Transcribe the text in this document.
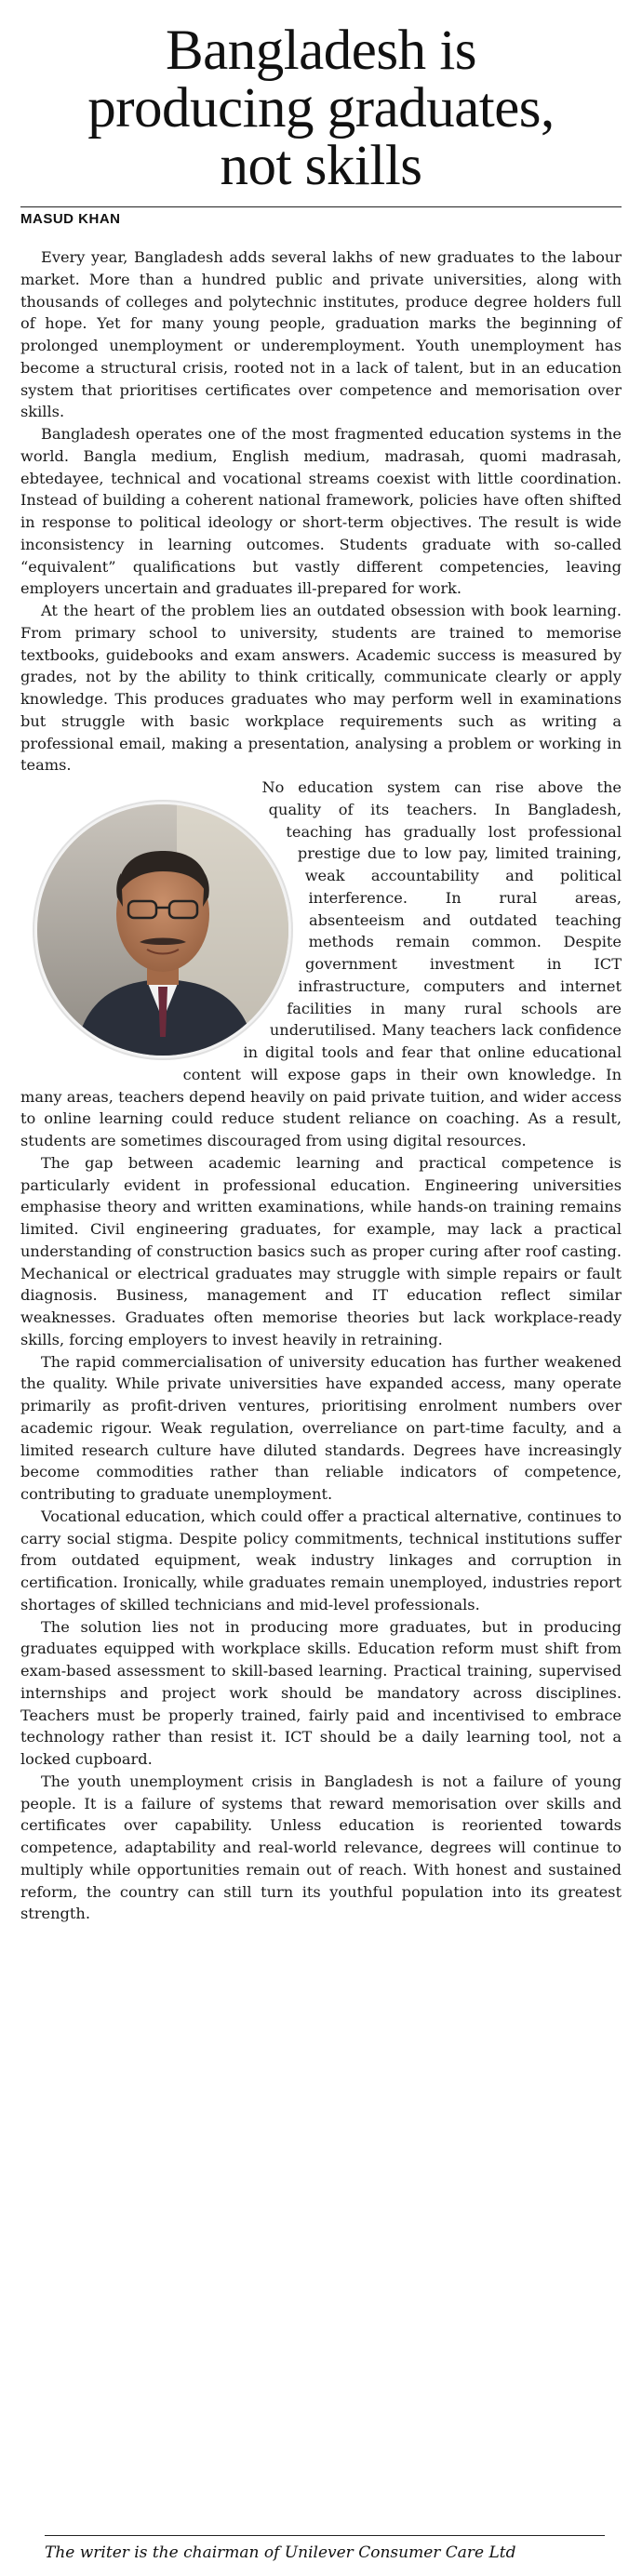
Bangladesh is
producing graduates,
not skills
MASUD KHAN

Every year, Bangladesh adds several lakhs of new graduates to the labour market. More than a hundred public and private universities, along with thousands of colleges and polytechnic institutes, produce degree holders full of hope. Yet for many young people, graduation marks the beginning of prolonged unemployment or underemployment. Youth unemployment has become a structural crisis, rooted not in a lack of talent, but in an education system that prioritises certificates over competence and memorisation over skills.

Bangladesh operates one of the most fragmented education systems in the world. Bangla medium, English medium, madrasah, quomi madrasah, ebtedayee, technical and vocational streams coexist with little coordination. Instead of building a coherent national framework, policies have often shifted in response to political ideology or short-term objectives. The result is wide inconsistency in learning outcomes. Students graduate with so-called “equivalent” qualifications but vastly different competencies, leaving employers uncertain and graduates ill-prepared for work.

At the heart of the problem lies an outdated obsession with book learning. From primary school to university, students are trained to memorise textbooks, guidebooks and exam answers. Academic success is measured by grades, not by the ability to think critically, communicate clearly or apply knowledge. This produces graduates who may perform well in examinations but struggle with basic workplace requirements such as writing a professional email, making a presentation, analysing a problem or working in teams.

No education system can rise above the quality of its teachers. In Bangladesh, teaching has gradually lost professional prestige due to low pay, limited training, weak accountability and political interference. In rural areas, absenteeism and outdated teaching methods remain common. Despite government investment in ICT infrastructure, computers and internet facilities in many rural schools are underutilised. Many teachers lack confidence in digital tools and fear that online educational content will expose gaps in their own knowledge. In many areas, teachers depend heavily on paid private tuition, and wider access to online learning could reduce student reliance on coaching. As a result, students are sometimes discouraged from using digital resources.

The gap between academic learning and practical competence is particularly evident in professional education. Engineering universities emphasise theory and written examinations, while hands-on training remains limited. Civil engineering graduates, for example, may lack a practical understanding of construction basics such as proper curing after roof casting. Mechanical or electrical graduates may struggle with simple repairs or fault diagnosis. Business, management and IT education reflect similar weaknesses. Graduates often memorise theories but lack workplace-ready skills, forcing employers to invest heavily in retraining.

The rapid commercialisation of university education has further weakened the quality. While private universities have expanded access, many operate primarily as profit-driven ventures, prioritising enrolment numbers over academic rigour. Weak regulation, overreliance on part-time faculty, and a limited research culture have diluted standards. Degrees have increasingly become commodities rather than reliable indicators of competence, contributing to graduate unemployment.

Vocational education, which could offer a practical alternative, continues to carry social stigma. Despite policy commitments, technical institutions suffer from outdated equipment, weak industry linkages and corruption in certification. Ironically, while graduates remain unemployed, industries report shortages of skilled technicians and mid-level professionals.

The solution lies not in producing more graduates, but in producing graduates equipped with workplace skills. Education reform must shift from exam-based assessment to skill-based learning. Practical training, supervised internships and project work should be mandatory across disciplines. Teachers must be properly trained, fairly paid and incentivised to embrace technology rather than resist it. ICT should be a daily learning tool, not a locked cupboard.

The youth unemployment crisis in Bangladesh is not a failure of young people. It is a failure of systems that reward memorisation over skills and certificates over capability. Unless education is reoriented towards competence, adaptability and real-world relevance, degrees will continue to multiply while opportunities remain out of reach. With honest and sustained reform, the country can still turn its youthful population into its greatest strength.

The writer is the chairman of Unilever Consumer Care Ltd
